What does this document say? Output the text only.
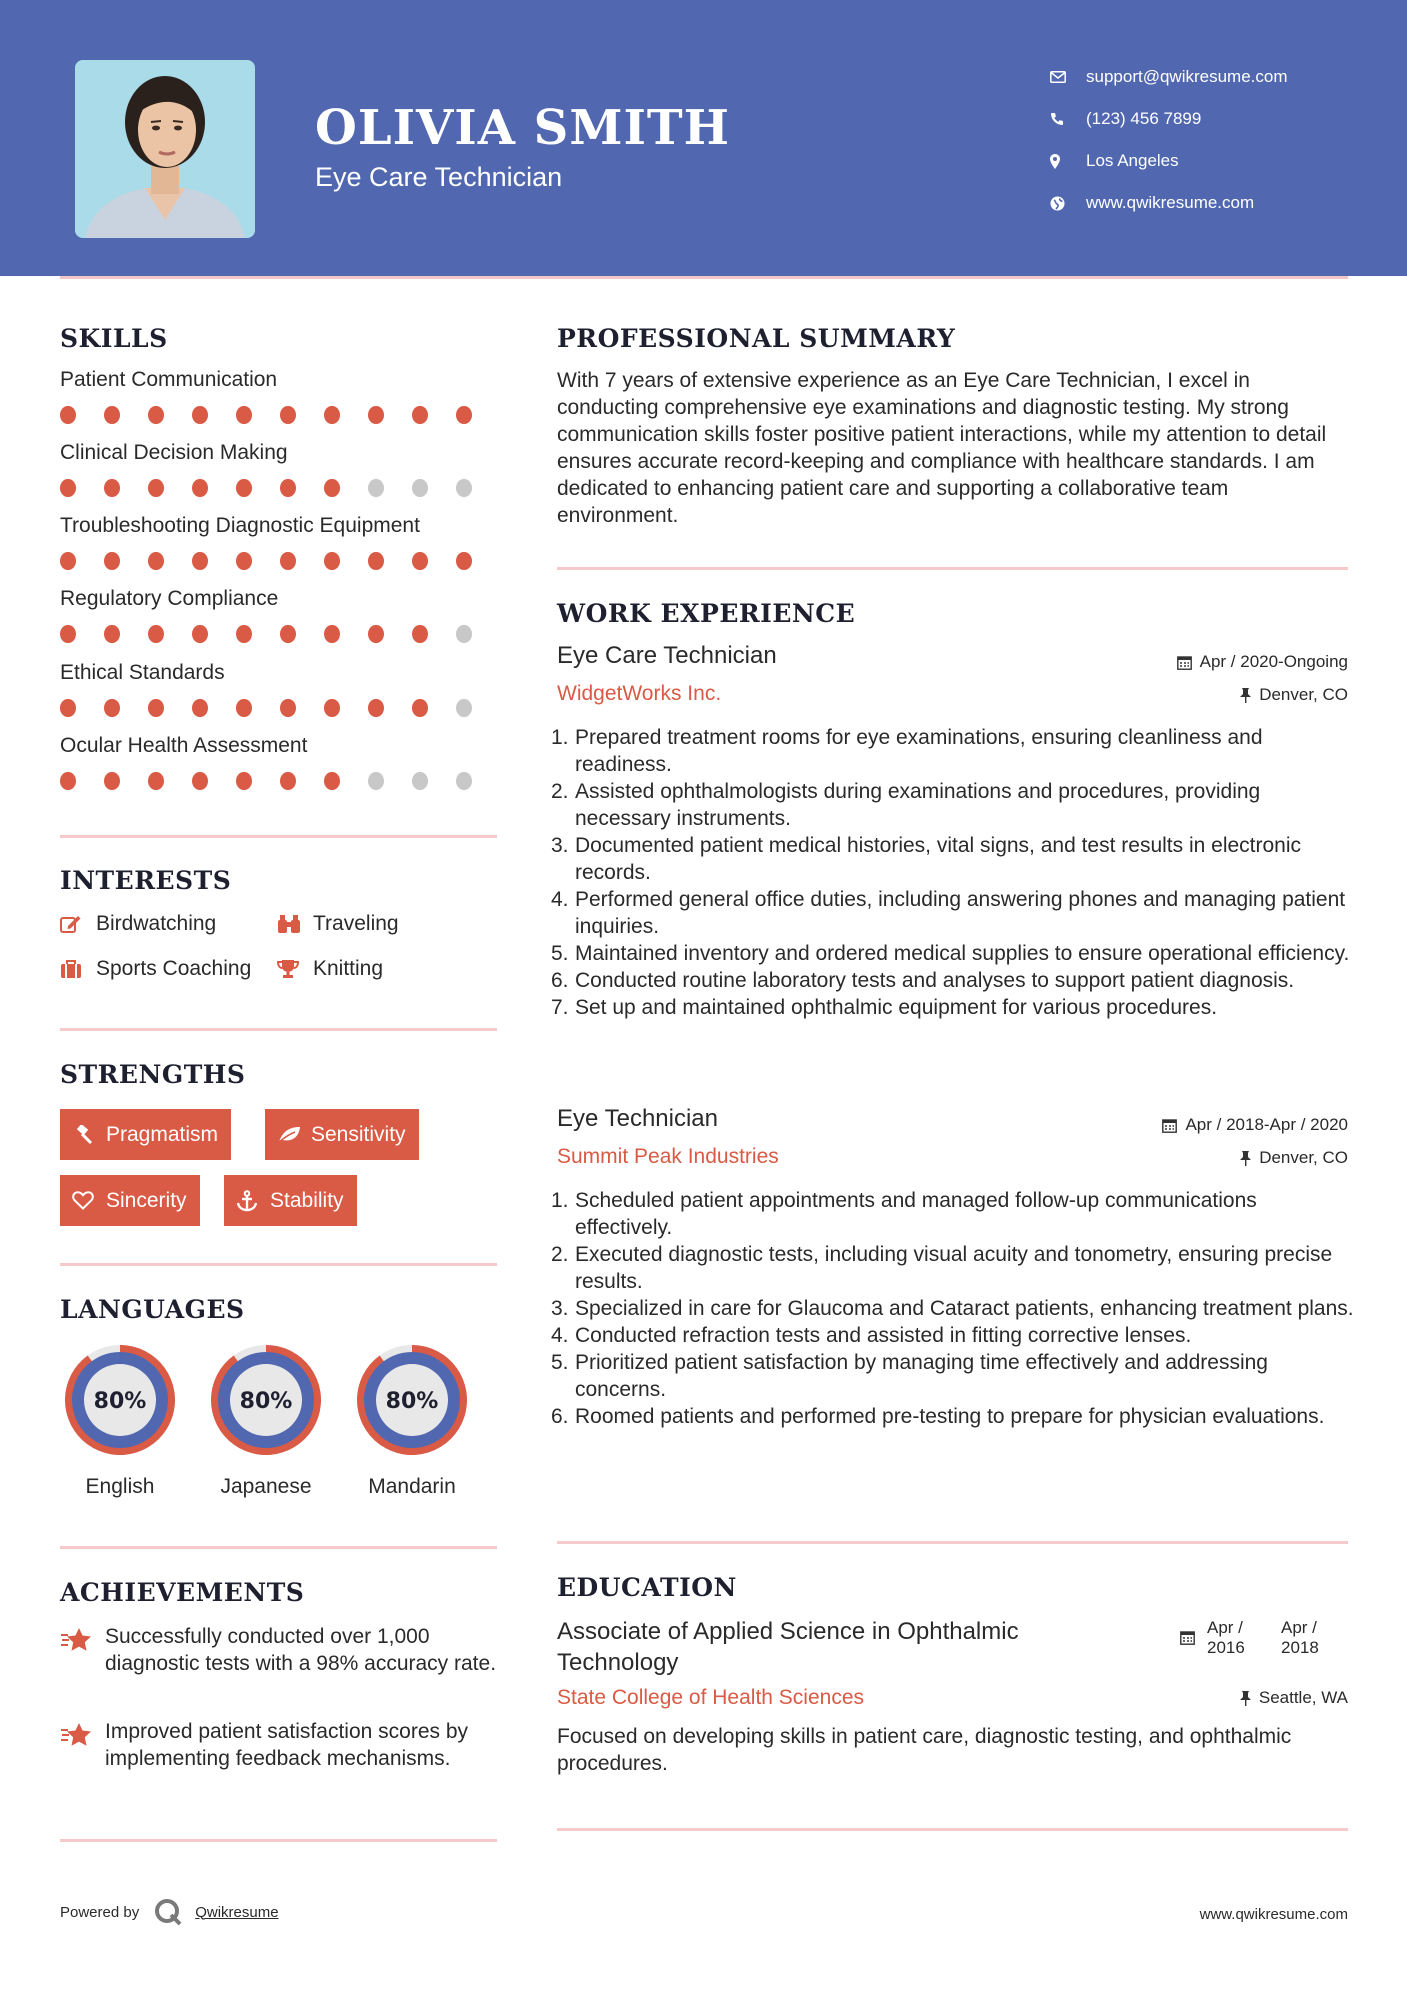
OLIVIA SMITH
Eye Care Technician
support@qwikresume.com
(123) 456 7899
Los Angeles
www.qwikresume.com
SKILLS
Patient Communication
Clinical Decision Making
Troubleshooting Diagnostic Equipment
Regulatory Compliance
Ethical Standards
Ocular Health Assessment
INTERESTS
Birdwatching	Traveling
Sports Coaching	Knitting
STRENGTHS
Pragmatism	Sensitivity
Sincerity	Stability
LANGUAGES
80%
English
80%
Japanese
80%
Mandarin
ACHIEVEMENTS
Successfully conducted over 1,000 diagnostic tests with a 98% accuracy rate.
Improved patient satisfaction scores by implementing feedback mechanisms.
PROFESSIONAL SUMMARY
With 7 years of extensive experience as an Eye Care Technician, I excel in conducting comprehensive eye examinations and diagnostic testing. My strong communication skills foster positive patient interactions, while my attention to detail ensures accurate record-keeping and compliance with healthcare standards. I am dedicated to enhancing patient care and supporting a collaborative team environment.
WORK EXPERIENCE
Eye Care Technician	Apr / 2020-Ongoing
WidgetWorks Inc.	Denver, CO
1. Prepared treatment rooms for eye examinations, ensuring cleanliness and readiness.
2. Assisted ophthalmologists during examinations and procedures, providing necessary instruments.
3. Documented patient medical histories, vital signs, and test results in electronic records.
4. Performed general office duties, including answering phones and managing patient inquiries.
5. Maintained inventory and ordered medical supplies to ensure operational efficiency.
6. Conducted routine laboratory tests and analyses to support patient diagnosis.
7. Set up and maintained ophthalmic equipment for various procedures.
Eye Technician	Apr / 2018-Apr / 2020
Summit Peak Industries	Denver, CO
1. Scheduled patient appointments and managed follow-up communications effectively.
2. Executed diagnostic tests, including visual acuity and tonometry, ensuring precise results.
3. Specialized in care for Glaucoma and Cataract patients, enhancing treatment plans.
4. Conducted refraction tests and assisted in fitting corrective lenses.
5. Prioritized patient satisfaction by managing time effectively and addressing concerns.
6. Roomed patients and performed pre-testing to prepare for physician evaluations.
EDUCATION
Associate of Applied Science in Ophthalmic Technology
Apr / 2016
Apr / 2018
State College of Health Sciences	Seattle, WA
Focused on developing skills in patient care, diagnostic testing, and ophthalmic procedures.
Powered by	Qwikresume	www.qwikresume.com
